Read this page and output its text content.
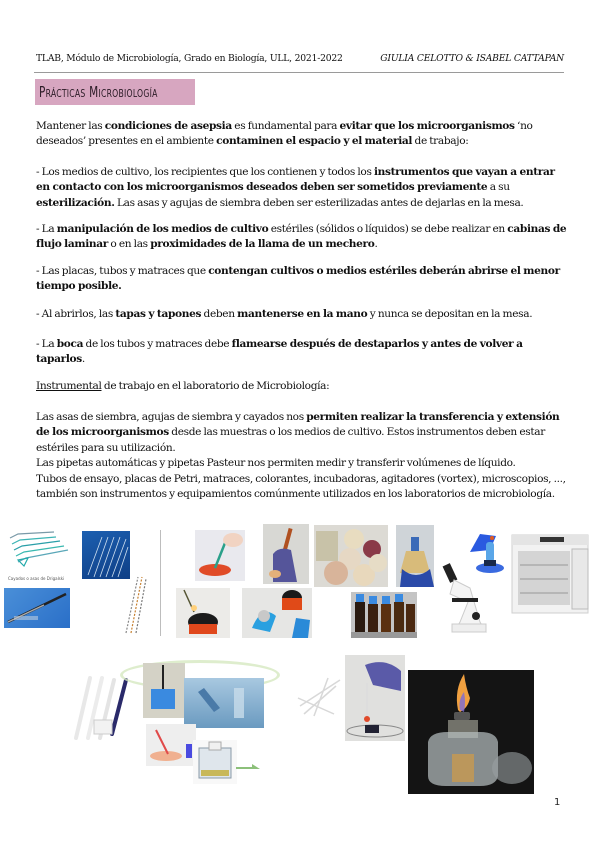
TLAB, Módulo de Microbiología, Grado en Biología, ULL, 2021-2022	GIULIA CELOTTO & ISABEL CATTAPAN
Prácticas Microbiología
Mantener las condiciones de asepsia es fundamental para evitar que los microorganismos ‘no deseados’ presentes en el ambiente contaminen el espacio y el material de trabajo:
- Los medios de cultivo, los recipientes que los contienen y todos los instrumentos que vayan a entrar en contacto con los microorganismos deseados deben ser sometidos previamente a su esterilización. Las asas y agujas de siembra deben ser esterilizadas antes de dejarlas en la mesa.
- La manipulación de los medios de cultivo estériles (sólidos o líquidos) se debe realizar en cabinas de flujo laminar o en las proximidades de la llama de un mechero.
- Las placas, tubos y matraces que contengan cultivos o medios estériles deberán abrirse el menor tiempo posible.
- Al abrirlos, las tapas y tapones deben mantenerse en la mano y nunca se depositan en la mesa.
- La boca de los tubos y matraces debe flamearse después de destaparlos y antes de volver a taparlos.
Instrumental de trabajo en el laboratorio de Microbiología:
Las asas de siembra, agujas de siembra y cayados nos permiten realizar la transferencia y extensión de los microorganismos desde las muestras o los medios de cultivo. Estos instrumentos deben estar estériles para su utilización.
Las pipetas automáticas y pipetas Pasteur nos permiten medir y transferir volúmenes de líquido.
Tubos de ensayo, placas de Petri, matraces, colorantes, incubadoras, agitadores (vortex), microscopios, ..., también son instrumentos y equipamientos comúnmente utilizados en los laboratorios de microbiología.
Cayados o asas de Drigalski
1
